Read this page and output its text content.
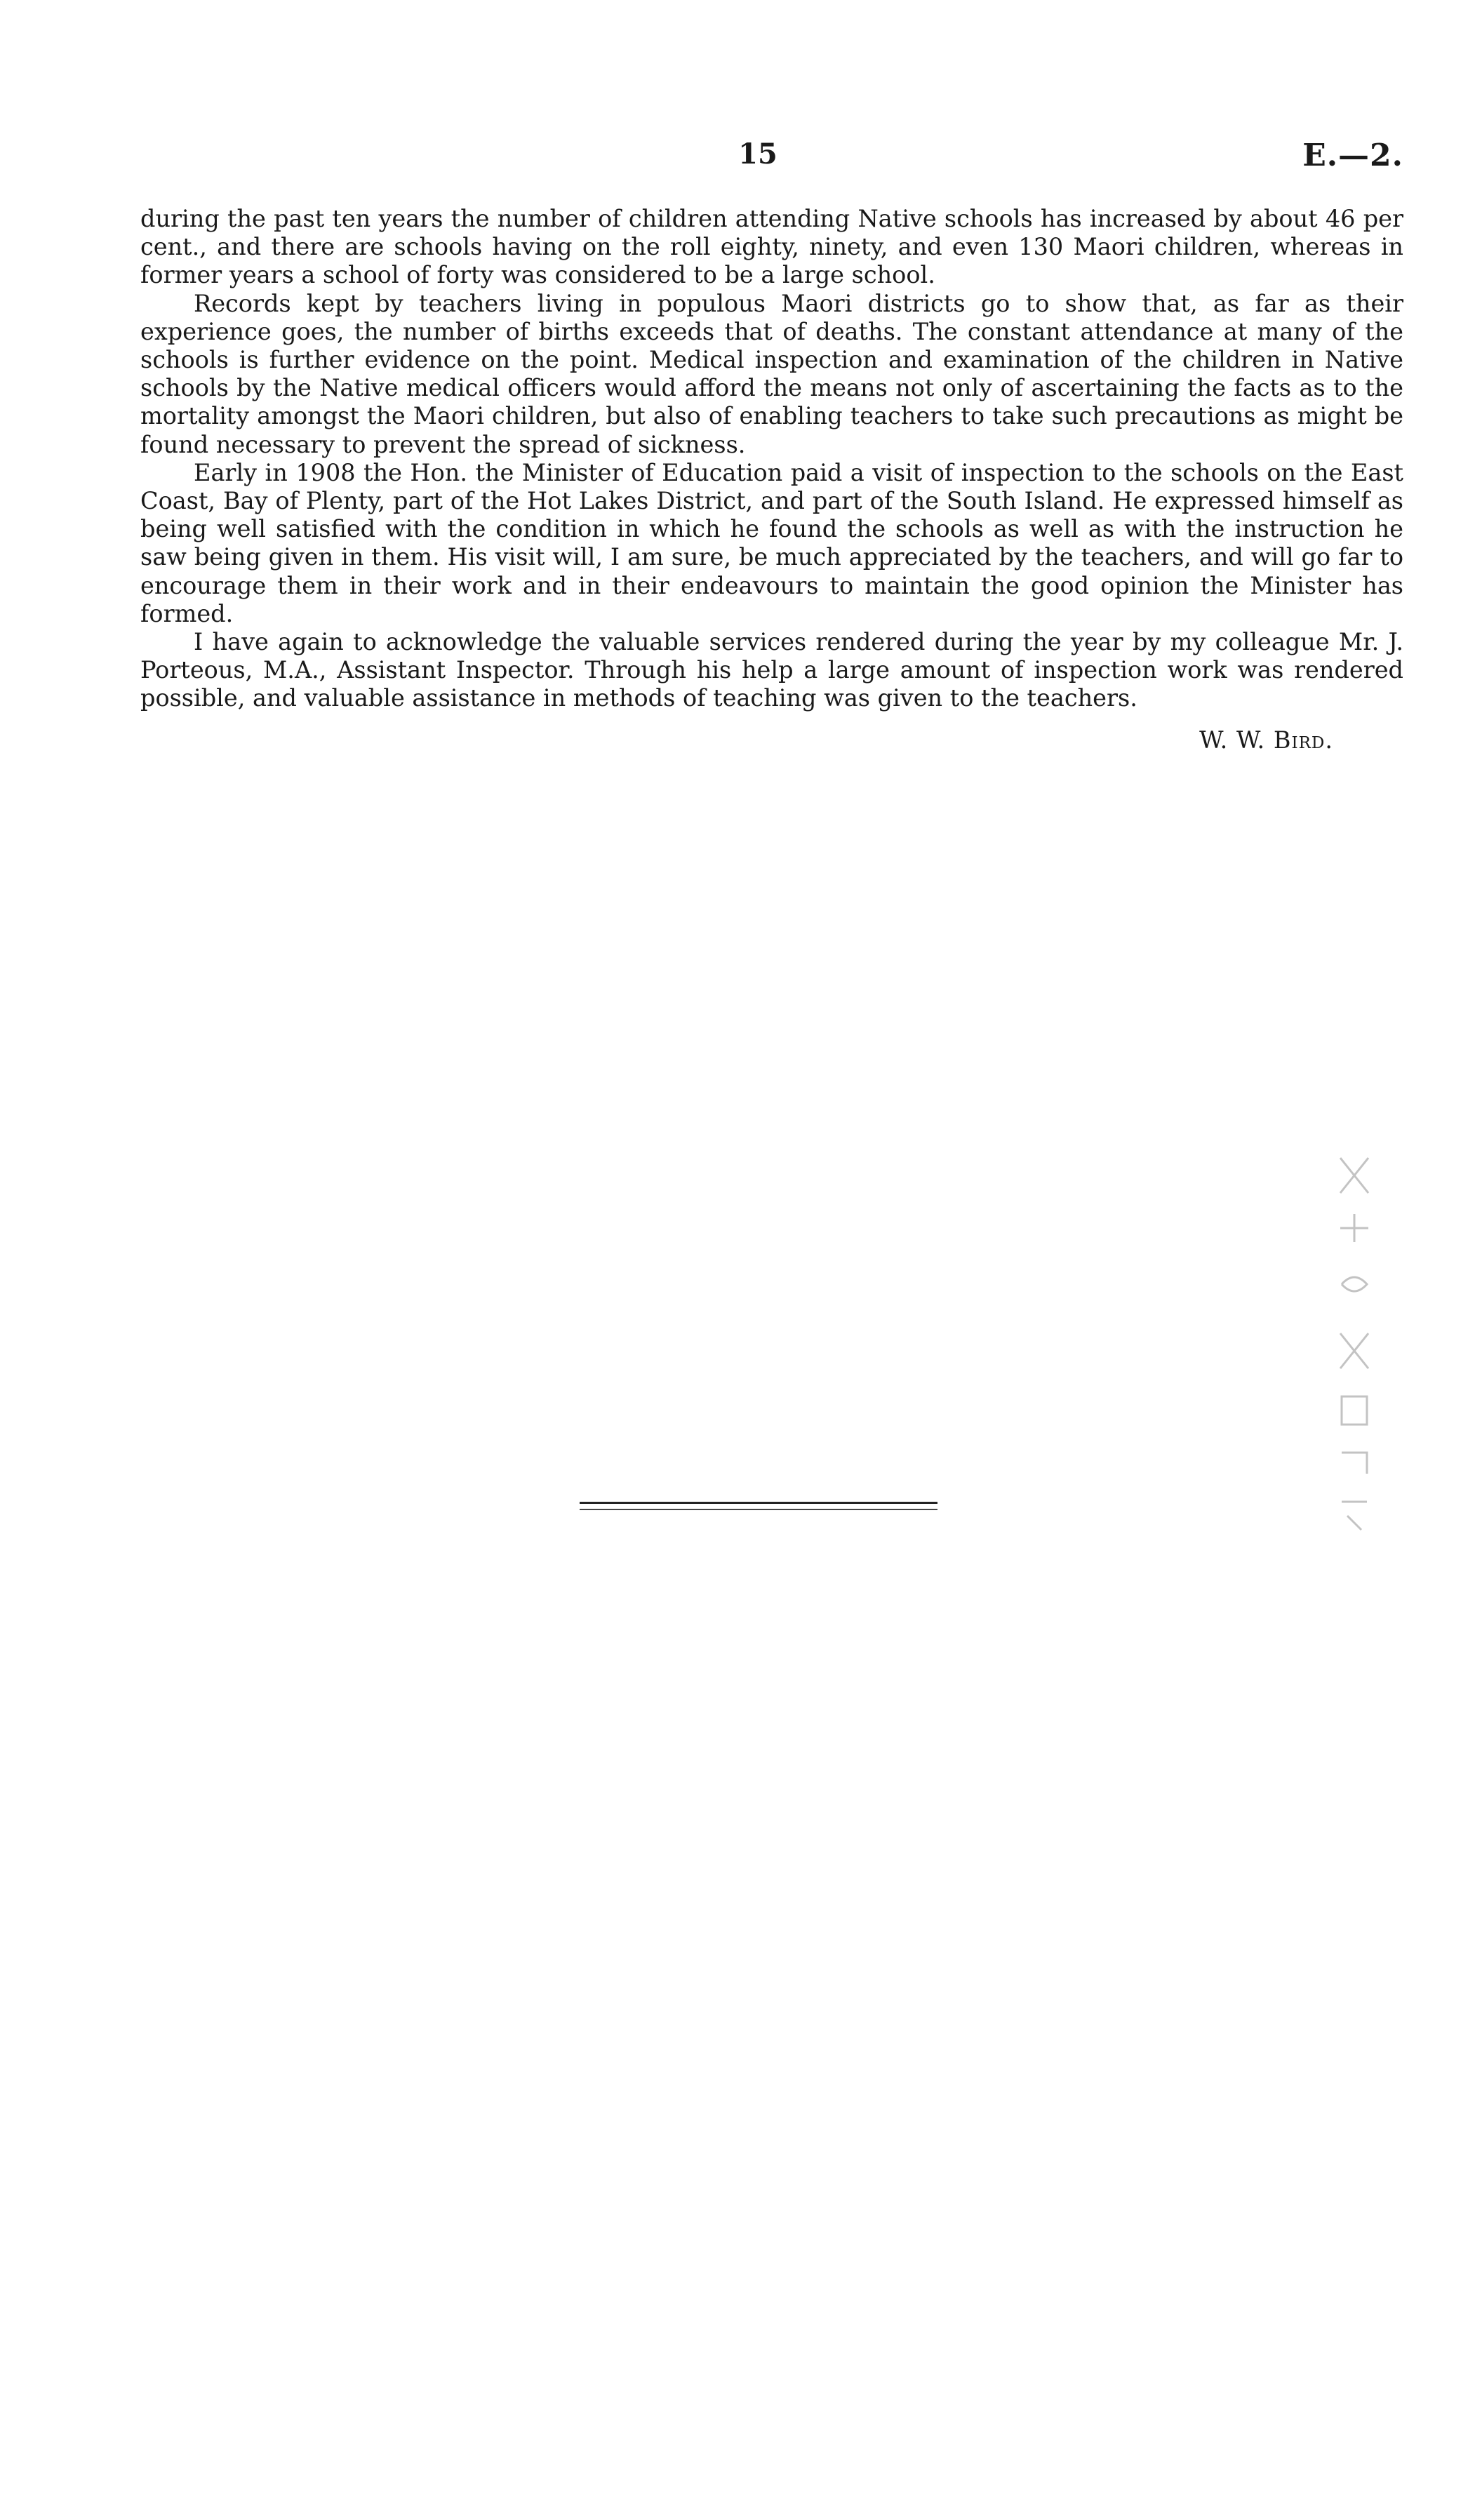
15	E.—2.

during the past ten years the number of children attending Native schools has increased by about 46 per cent., and there are schools having on the roll eighty, ninety, and even 130 Maori children, whereas in former years a school of forty was considered to be a large school.

Records kept by teachers living in populous Maori districts go to show that, as far as their experience goes, the number of births exceeds that of deaths. The constant attendance at many of the schools is further evidence on the point. Medical inspection and examination of the children in Native schools by the Native medical officers would afford the means not only of ascertaining the facts as to the mortality amongst the Maori children, but also of enabling teachers to take such precautions as might be found necessary to prevent the spread of sickness.

Early in 1908 the Hon. the Minister of Education paid a visit of inspection to the schools on the East Coast, Bay of Plenty, part of the Hot Lakes District, and part of the South Island. He expressed himself as being well satisfied with the condition in which he found the schools as well as with the instruction he saw being given in them. His visit will, I am sure, be much appreciated by the teachers, and will go far to encourage them in their work and in their endeavours to maintain the good opinion the Minister has formed.

I have again to acknowledge the valuable services rendered during the year by my colleague Mr. J. Porteous, M.A., Assistant Inspector. Through his help a large amount of inspection work was rendered possible, and valuable assistance in methods of teaching was given to the teachers.

W. W. Bird.
